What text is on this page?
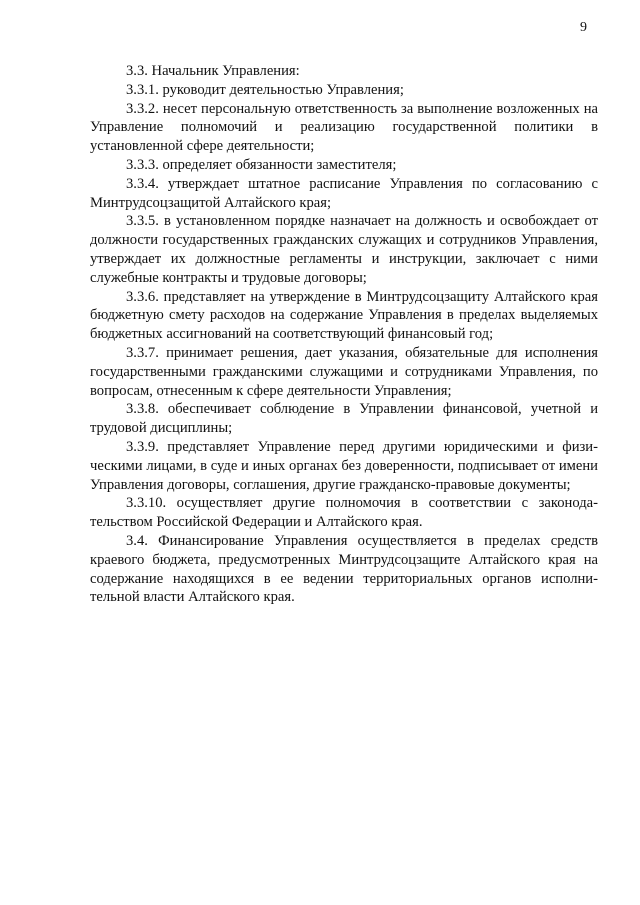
9

3.3. Начальник Управления:

3.3.1. руководит деятельностью Управления;

3.3.2. несет персональную ответственность за выполнение возложенных на Управление полномочий и реализацию государственной политики в установленной сфере деятельности;

3.3.3. определяет обязанности заместителя;

3.3.4. утверждает штатное расписание Управления по согласованию с Минтрудсоцзащитой Алтайского края;

3.3.5. в установленном порядке назначает на должность и освобождает от должности государственных гражданских служащих и сотрудников Управления, утверждает их должностные регламенты и инструкции, заключает с ними служебные контракты и трудовые договоры;

3.3.6. представляет на утверждение в Минтрудсоцзащиту Алтайского края бюджетную смету расходов на содержание Управления в пределах выделяемых бюджетных ассигнований на соответствующий финансовый год;

3.3.7. принимает решения, дает указания, обязательные для исполнения государственными гражданскими служащими и сотрудниками Управления, по вопросам, отнесенным к сфере деятельности Управления;

3.3.8. обеспечивает соблюдение в Управлении финансовой, учетной и трудовой дисциплины;

3.3.9. представляет Управление перед другими юридическими и физическими лицами, в суде и иных органах без доверенности, подписывает от имени Управления договоры, соглашения, другие гражданско-правовые документы;

3.3.10. осуществляет другие полномочия в соответствии с законодательством Российской Федерации и Алтайского края.

3.4. Финансирование Управления осуществляется в пределах средств краевого бюджета, предусмотренных Минтрудсоцзащите Алтайского края на содержание находящихся в ее ведении территориальных органов исполнительной власти Алтайского края.
